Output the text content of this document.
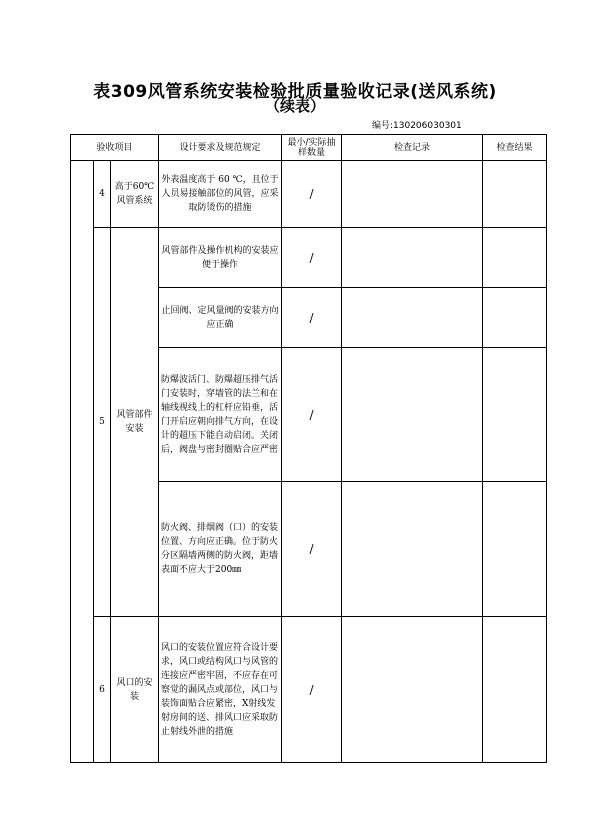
表309风管系统安装检验批质量验收记录(送风系统)
（续表）
编号:130206030301
验收项目			设计要求及规范规定	最小/实际抽样数量	检查记录	检查结果
	4	高于60℃风管系统	外表温度高于 60 ℃，且位于人员易接触部位的风管，应采取防烫伤的措施	/		
	5	风管部件安装	风管部件及操作机构的安装应便于操作	/		
			止回阀、定风量阀的安装方向应正确	/		
			防爆波活门、防爆超压排气活门安装时，穿墙管的法兰和在轴线视线上的杠杆应铅垂，活门开启应朝向排气方向，在设计的超压下能自动启闭。关闭后，阀盘与密封圈贴合应严密	/		
			防火阀、排烟阀（口）的安装位置、方向应正确。位于防火分区隔墙两侧的防火阀，距墙表面不应大于200㎜	/		
	6	风口的安装	风口的安装位置应符合设计要求，风口或结构风口与风管的连接应严密牢固，不应存在可察觉的漏风点或部位，风口与装饰面贴合应紧密，X射线发射房间的送、排风口应采取防止射线外泄的措施	/		
